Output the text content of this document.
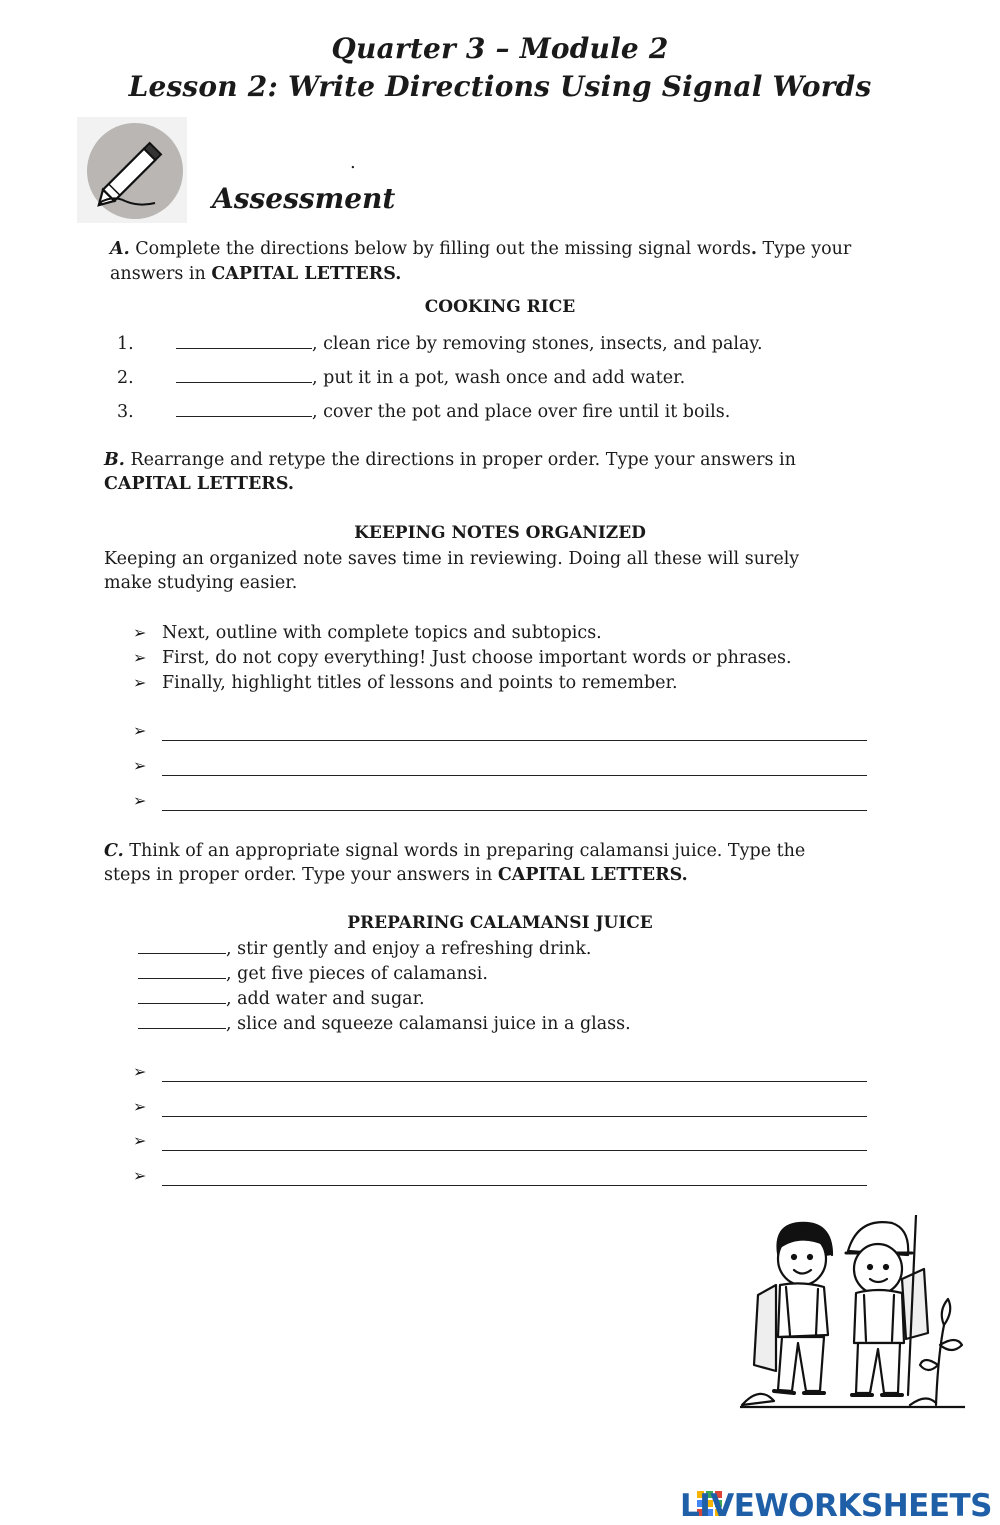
Quarter 3 – Module 2
Lesson 2: Write Directions Using Signal Words
.
Assessment
A. Complete the directions below by filling out the missing signal words. Type your
answers in CAPITAL LETTERS.
COOKING RICE
1.	, clean rice by removing stones, insects, and palay.
2.	, put it in a pot, wash once and add water.
3.	, cover the pot and place over fire until it boils.
B. Rearrange and retype the directions in proper order. Type your answers in
CAPITAL LETTERS.
KEEPING NOTES ORGANIZED
Keeping an organized note saves time in reviewing. Doing all these will surely
make studying easier.
➢ Next, outline with complete topics and subtopics.
➢ First, do not copy everything! Just choose important words or phrases.
➢ Finally, highlight titles of lessons and points to remember.
➢
➢
➢
C. Think of an appropriate signal words in preparing calamansi juice. Type the
steps in proper order. Type your answers in CAPITAL LETTERS.
PREPARING CALAMANSI JUICE
, stir gently and enjoy a refreshing drink.
, get five pieces of calamansi.
, add water and sugar.
, slice and squeeze calamansi juice in a glass.
➢
➢
➢
➢
LIVEWORKSHEETS
